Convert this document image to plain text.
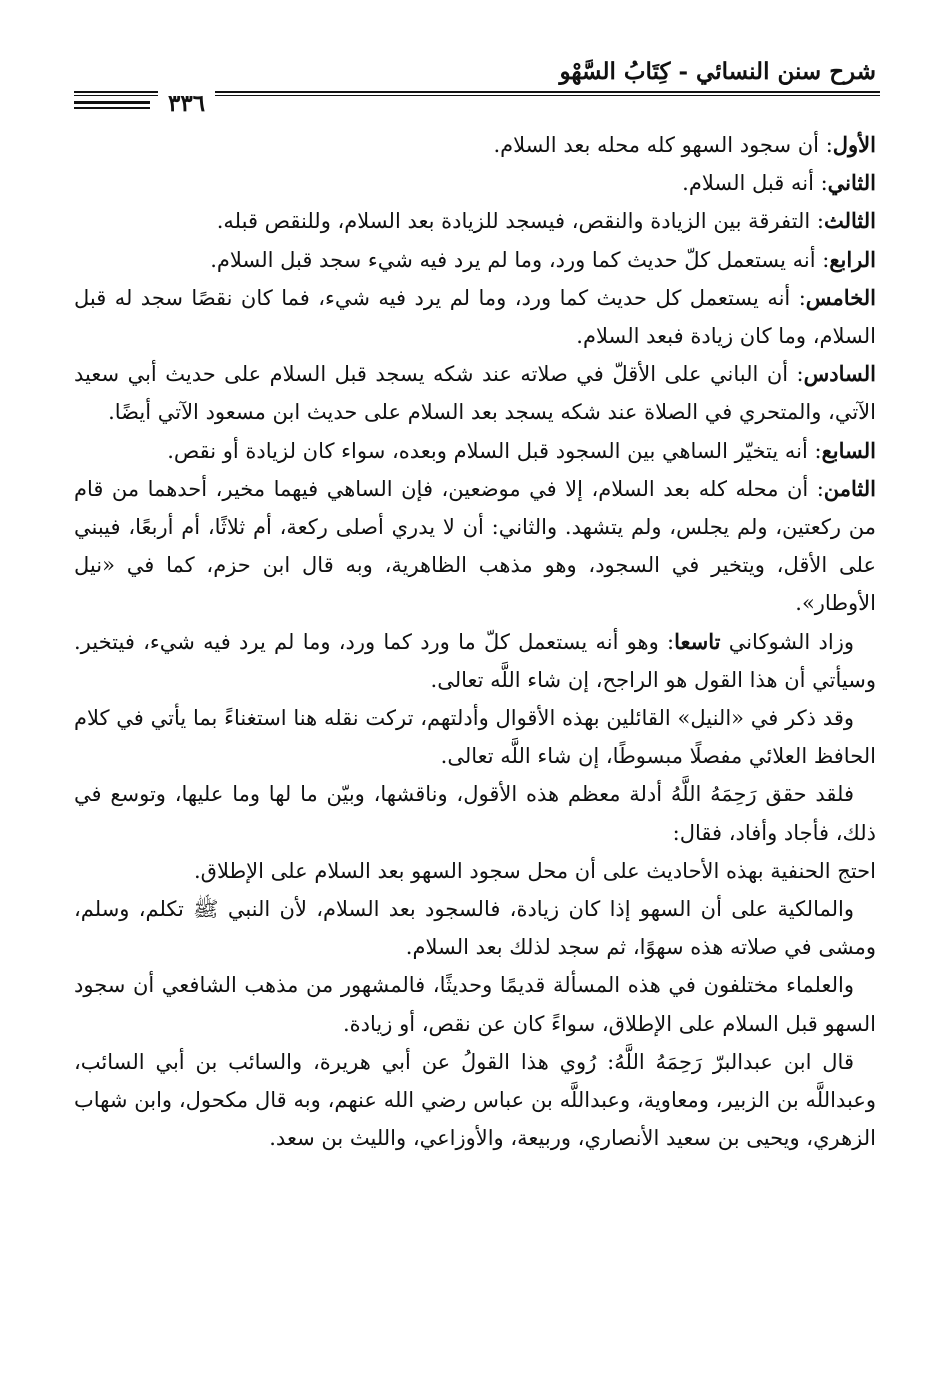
شرح سنن النسائي - كِتَابُ السَّهْو
٣٣٦

الأول: أن سجود السهو كله محله بعد السلام.

الثاني: أنه قبل السلام.

الثالث: التفرقة بين الزيادة والنقص، فيسجد للزيادة بعد السلام، وللنقص قبله.

الرابع: أنه يستعمل كلّ حديث كما ورد، وما لم يرد فيه شيء سجد قبل السلام.

الخامس: أنه يستعمل كل حديث كما ورد، وما لم يرد فيه شيء، فما كان نقصًا سجد له قبل السلام، وما كان زيادة فبعد السلام.

السادس: أن الباني على الأقلّ في صلاته عند شكه يسجد قبل السلام على حديث أبي سعيد الآتي، والمتحري في الصلاة عند شكه يسجد بعد السلام على حديث ابن مسعود الآتي أيضًا.

السابع: أنه يتخيّر الساهي بين السجود قبل السلام وبعده، سواء كان لزيادة أو نقص.

الثامن: أن محله كله بعد السلام، إلا في موضعين، فإن الساهي فيهما مخير، أحدهما من قام من ركعتين، ولم يجلس، ولم يتشهد. والثاني: أن لا يدري أصلى ركعة، أم ثلاثًا، أم أربعًا، فيبني على الأقل، ويتخير في السجود، وهو مذهب الظاهرية، وبه قال ابن حزم، كما في «نيل الأوطار».

وزاد الشوكاني تاسعا: وهو أنه يستعمل كلّ ما ورد كما ورد، وما لم يرد فيه شيء، فيتخير. وسيأتي أن هذا القول هو الراجح، إن شاء اللَّه تعالى.

وقد ذكر في «النيل» القائلين بهذه الأقوال وأدلتهم، تركت نقله هنا استغناءً بما يأتي في كلام الحافظ العلائي مفصلًا مبسوطًا، إن شاء اللَّه تعالى.

فلقد حقق رَحِمَهُ اللَّهُ أدلة معظم هذه الأقول، وناقشها، وبيّن ما لها وما عليها، وتوسع في ذلك، فأجاد وأفاد، فقال:

احتج الحنفية بهذه الأحاديث على أن محل سجود السهو بعد السلام على الإطلاق.

والمالكية على أن السهو إذا كان زيادة، فالسجود بعد السلام، لأن النبي ﷺ تكلم، وسلم، ومشى في صلاته هذه سهوًا، ثم سجد لذلك بعد السلام.

والعلماء مختلفون في هذه المسألة قديمًا وحديثًا، فالمشهور من مذهب الشافعي أن سجود السهو قبل السلام على الإطلاق، سواءً كان عن نقص، أو زيادة.

قال ابن عبدالبرّ رَحِمَهُ اللَّهُ: رُوي هذا القولُ عن أبي هريرة، والسائب بن أبي السائب، وعبداللَّه بن الزبير، ومعاوية، وعبداللَّه بن عباس رضي الله عنهم، وبه قال مكحول، وابن شهاب الزهري، ويحيى بن سعيد الأنصاري، وربيعة، والأوزاعي، والليث بن سعد.
